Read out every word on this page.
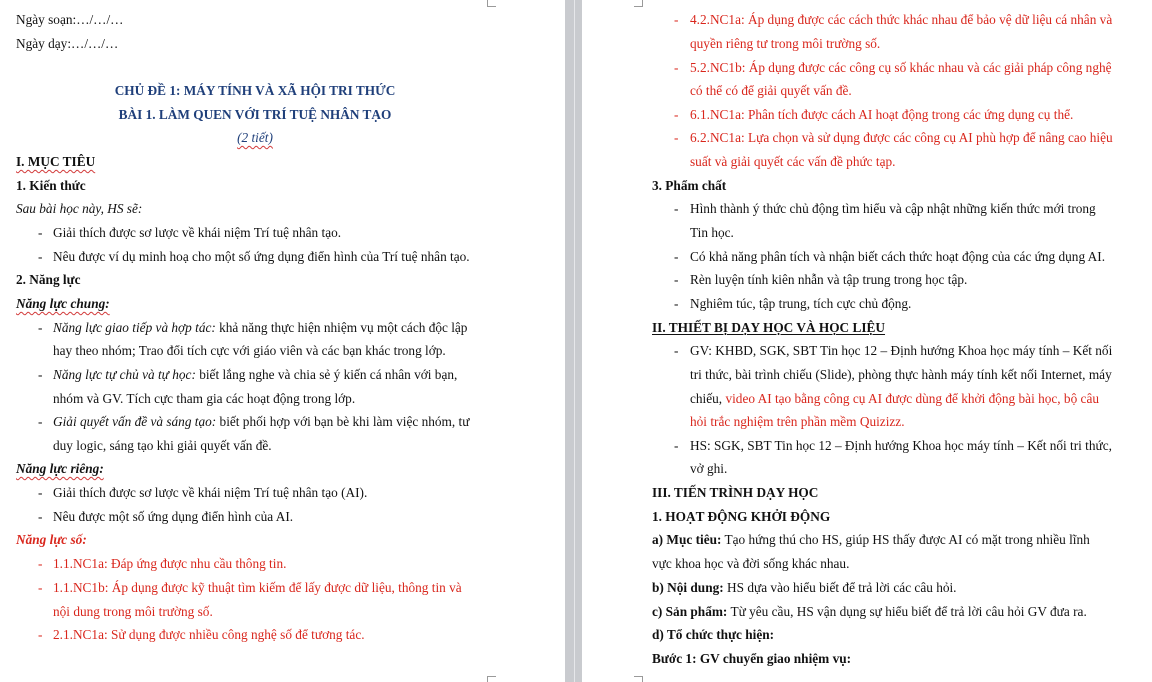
Ngày soạn:…/…/…
Ngày dạy:…/…/…
CHỦ ĐỀ 1: MÁY TÍNH VÀ XÃ HỘI TRI THỨC
BÀI 1. LÀM QUEN VỚI TRÍ TUỆ NHÂN TẠO
(2 tiết)
I. MỤC TIÊU
1. Kiến thức
Sau bài học này, HS sẽ:
- Giải thích được sơ lược về khái niệm Trí tuệ nhân tạo.
- Nêu được ví dụ minh hoạ cho một số ứng dụng điển hình của Trí tuệ nhân tạo.
2. Năng lực
Năng lực chung:
- Năng lực giao tiếp và hợp tác: khả năng thực hiện nhiệm vụ một cách độc lập
hay theo nhóm; Trao đổi tích cực với giáo viên và các bạn khác trong lớp.
- Năng lực tự chủ và tự học: biết lắng nghe và chia sẻ ý kiến cá nhân với bạn,
nhóm và GV. Tích cực tham gia các hoạt động trong lớp.
- Giải quyết vấn đề và sáng tạo: biết phối hợp với bạn bè khi làm việc nhóm, tư
duy logic, sáng tạo khi giải quyết vấn đề.
Năng lực riêng:
- Giải thích được sơ lược về khái niệm Trí tuệ nhân tạo (AI).
- Nêu được một số ứng dụng điển hình của AI.
Năng lực số:
- 1.1.NC1a: Đáp ứng được nhu cầu thông tin.
- 1.1.NC1b: Áp dụng được kỹ thuật tìm kiếm để lấy được dữ liệu, thông tin và
nội dung trong môi trường số.
- 2.1.NC1a: Sử dụng được nhiều công nghệ số để tương tác.
- 4.2.NC1a: Áp dụng được các cách thức khác nhau để bảo vệ dữ liệu cá nhân và
quyền riêng tư trong môi trường số.
- 5.2.NC1b: Áp dụng được các công cụ số khác nhau và các giải pháp công nghệ
có thể có để giải quyết vấn đề.
- 6.1.NC1a: Phân tích được cách AI hoạt động trong các ứng dụng cụ thể.
- 6.2.NC1a: Lựa chọn và sử dụng được các công cụ AI phù hợp để nâng cao hiệu
suất và giải quyết các vấn đề phức tạp.
3. Phẩm chất
- Hình thành ý thức chủ động tìm hiểu và cập nhật những kiến thức mới trong
Tin học.
- Có khả năng phân tích và nhận biết cách thức hoạt động của các ứng dụng AI.
- Rèn luyện tính kiên nhẫn và tập trung trong học tập.
- Nghiêm túc, tập trung, tích cực chủ động.
II. THIẾT BỊ DẠY HỌC VÀ HỌC LIỆU
- GV: KHBD, SGK, SBT Tin học 12 – Định hướng Khoa học máy tính – Kết nối
tri thức, bài trình chiếu (Slide), phòng thực hành máy tính kết nối Internet, máy
chiếu, video AI tạo bằng công cụ AI được dùng để khởi động bài học, bộ câu
hỏi trắc nghiệm trên phần mềm Quizizz.
- HS: SGK, SBT Tin học 12 – Định hướng Khoa học máy tính – Kết nối tri thức,
vở ghi.
III. TIẾN TRÌNH DẠY HỌC
1. HOẠT ĐỘNG KHỞI ĐỘNG
a) Mục tiêu: Tạo hứng thú cho HS, giúp HS thấy được AI có mặt trong nhiều lĩnh
vực khoa học và đời sống khác nhau.
b) Nội dung: HS dựa vào hiểu biết để trả lời các câu hỏi.
c) Sản phẩm: Từ yêu cầu, HS vận dụng sự hiểu biết để trả lời câu hỏi GV đưa ra.
d) Tổ chức thực hiện:
Bước 1: GV chuyển giao nhiệm vụ:
